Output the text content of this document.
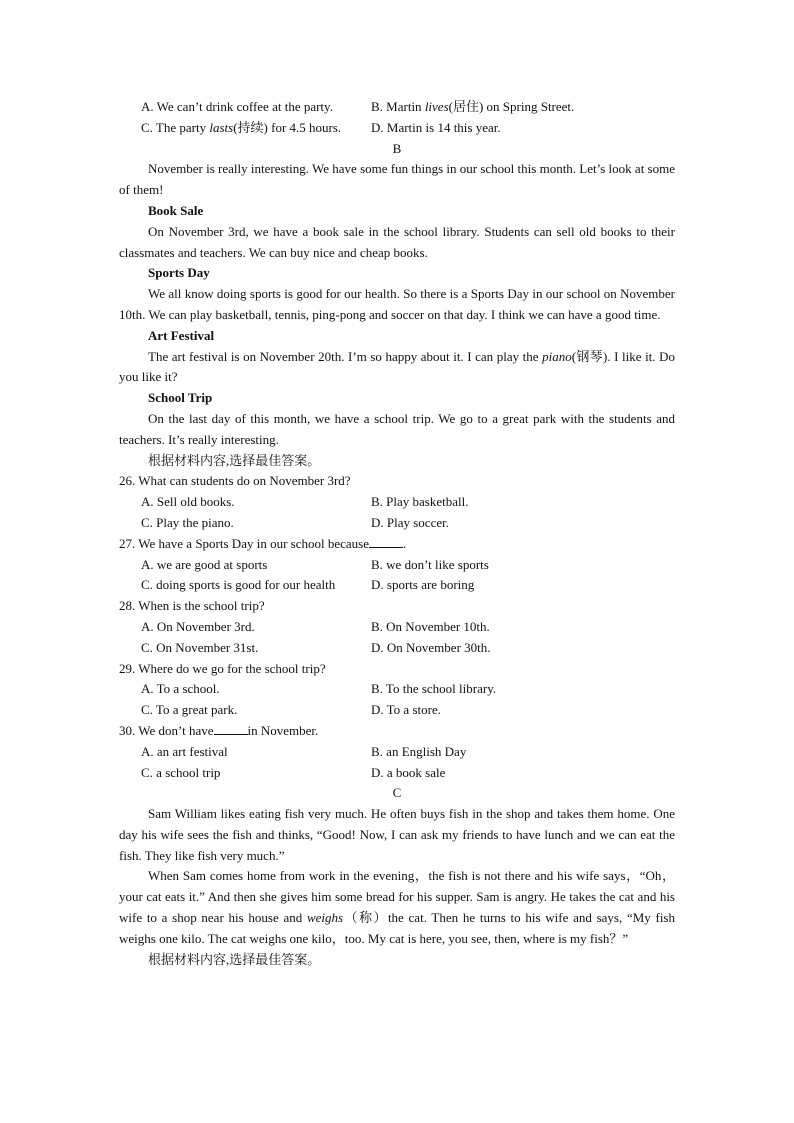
A. We can’t drink coffee at the party.	B. Martin lives(居住) on Spring Street.
C. The party lasts(持续) for 4.5 hours.	D. Martin is 14 this year.
B
November is really interesting. We have some fun things in our school this month. Let’s look at some of them!
Book Sale
On November 3rd, we have a book sale in the school library. Students can sell old books to their classmates and teachers. We can buy nice and cheap books.
Sports Day
We all know doing sports is good for our health. So there is a Sports Day in our school on November 10th. We can play basketball, tennis, ping-pong and soccer on that day. I think we can have a good time.
Art Festival
The art festival is on November 20th. I’m so happy about it. I can play the piano(钢琴). I like it. Do you like it?
School Trip
On the last day of this month, we have a school trip. We go to a great park with the students and teachers. It’s really interesting.
根据材料内容,选择最佳答案。
26. What can students do on November 3rd?
A. Sell old books.	B. Play basketball.
C. Play the piano.	D. Play soccer.
27. We have a Sports Day in our school because	.
A. we are good at sports	B. we don’t like sports
C. doing sports is good for our health	D. sports are boring
28. When is the school trip?
A. On November 3rd.	B. On November 10th.
C. On November 31st.	D. On November 30th.
29. Where do we go for the school trip?
A. To a school.	B. To the school library.
C. To a great park.	D. To a store.
30. We don’t have	in November.
A. an art festival	B. an English Day
C. a school trip	D. a book sale
C
Sam William likes eating fish very much. He often buys fish in the shop and takes them home. One day his wife sees the fish and thinks, “Good! Now, I can ask my friends to have lunch and we can eat the fish. They like fish very much.”
When Sam comes home from work in the evening，the fish is not there and his wife says，“Oh，your cat eats it.” And then she gives him some bread for his supper. Sam is angry. He takes the cat and his wife to a shop near his house and weighs（称）the cat. Then he turns to his wife and says, “My fish weighs one kilo. The cat weighs one kilo，too. My cat is here, you see, then, where is my fish？”
根据材料内容,选择最佳答案。
